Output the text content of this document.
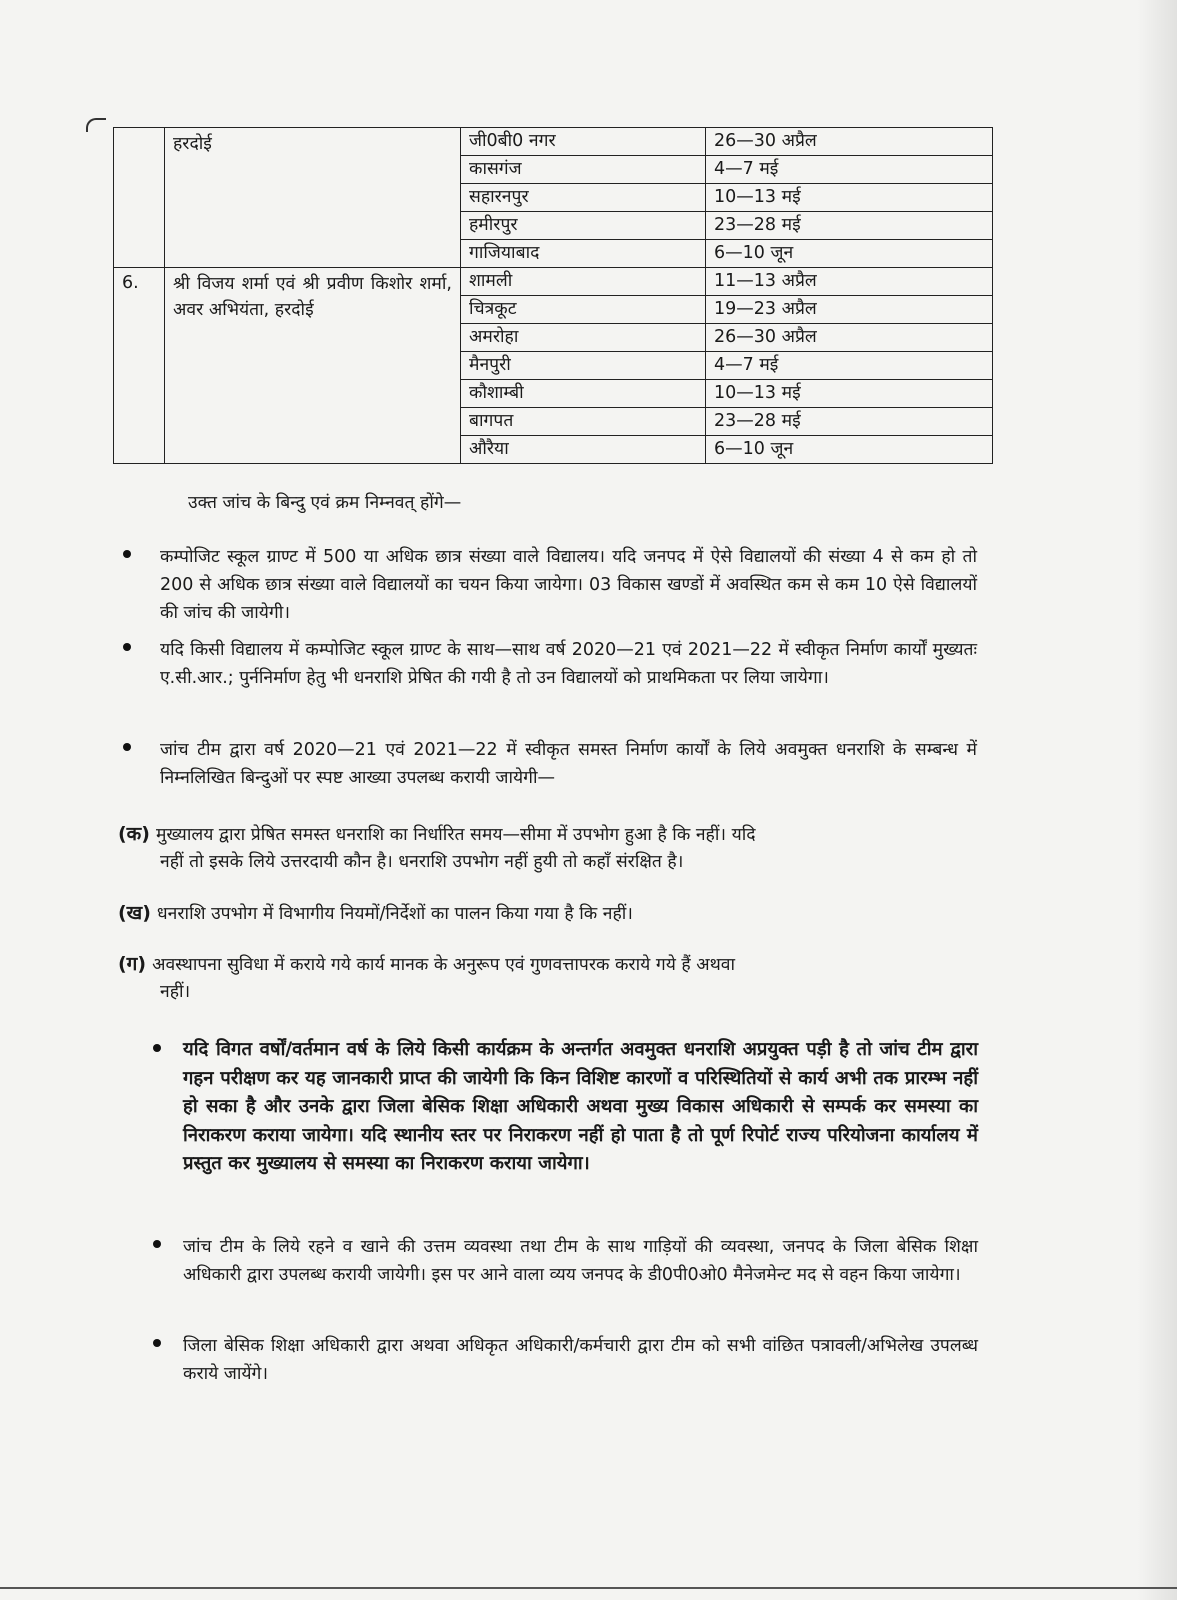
	हरदोई	जी0बी0 नगर	26—30 अप्रैल
		कासगंज	4—7 मई
		सहारनपुर	10—13 मई
		हमीरपुर	23—28 मई
		गाजियाबाद	6—10 जून
6.	श्री विजय शर्मा एवं श्री प्रवीण किशोर शर्मा, अवर अभियंता, हरदोई	शामली	11—13 अप्रैल
		चित्रकूट	19—23 अप्रैल
		अमरोहा	26—30 अप्रैल
		मैनपुरी	4—7 मई
		कौशाम्बी	10—13 मई
		बागपत	23—28 मई
		औरैया	6—10 जून
उक्त जांच के बिन्दु एवं क्रम निम्नवत् होंगे—
कम्पोजिट स्कूल ग्राण्ट में 500 या अधिक छात्र संख्या वाले विद्यालय। यदि जनपद में ऐसे विद्यालयों की संख्या 4 से कम हो तो 200 से अधिक छात्र संख्या वाले विद्यालयों का चयन किया जायेगा। 03 विकास खण्डों में अवस्थित कम से कम 10 ऐसे विद्यालयों की जांच की जायेगी।
यदि किसी विद्यालय में कम्पोजिट स्कूल ग्राण्ट के साथ—साथ वर्ष 2020—21 एवं 2021—22 में स्वीकृत निर्माण कार्यों मुख्यतः ए.सी.आर.; पुर्ननिर्माण हेतु भी धनराशि प्रेषित की गयी है तो उन विद्यालयों को प्राथमिकता पर लिया जायेगा।
जांच टीम द्वारा वर्ष 2020—21 एवं 2021—22 में स्वीकृत समस्त निर्माण कार्यों के लिये अवमुक्त धनराशि के सम्बन्ध में निम्नलिखित बिन्दुओं पर स्पष्ट आख्या उपलब्ध करायी जायेगी—
(क) मुख्यालय द्वारा प्रेषित समस्त धनराशि का निर्धारित समय—सीमा में उपभोग हुआ है कि नहीं। यदि
नहीं तो इसके लिये उत्तरदायी कौन है। धनराशि उपभोग नहीं हुयी तो कहाँ संरक्षित है।
(ख) धनराशि उपभोग में विभागीय नियमों/निर्देशों का पालन किया गया है कि नहीं।
(ग) अवस्थापना सुविधा में कराये गये कार्य मानक के अनुरूप एवं गुणवत्तापरक कराये गये हैं अथवा
नहीं।
यदि विगत वर्षों/वर्तमान वर्ष के लिये किसी कार्यक्रम के अन्तर्गत अवमुक्त धनराशि अप्रयुक्त पड़ी है तो जांच टीम द्वारा गहन परीक्षण कर यह जानकारी प्राप्त की जायेगी कि किन विशिष्ट कारणों व परिस्थितियों से कार्य अभी तक प्रारम्भ नहीं हो सका है और उनके द्वारा जिला बेसिक शिक्षा अधिकारी अथवा मुख्य विकास अधिकारी से सम्पर्क कर समस्या का निराकरण कराया जायेगा। यदि स्थानीय स्तर पर निराकरण नहीं हो पाता है तो पूर्ण रिपोर्ट राज्य परियोजना कार्यालय में प्रस्तुत कर मुख्यालय से समस्या का निराकरण कराया जायेगा।
जांच टीम के लिये रहने व खाने की उत्तम व्यवस्था तथा टीम के साथ गाड़ियों की व्यवस्था, जनपद के जिला बेसिक शिक्षा अधिकारी द्वारा उपलब्ध करायी जायेगी। इस पर आने वाला व्यय जनपद के डी0पी0ओ0 मैनेजमेन्ट मद से वहन किया जायेगा।
जिला बेसिक शिक्षा अधिकारी द्वारा अथवा अधिकृत अधिकारी/कर्मचारी द्वारा टीम को सभी वांछित पत्रावली/अभिलेख उपलब्ध कराये जायेंगे।
